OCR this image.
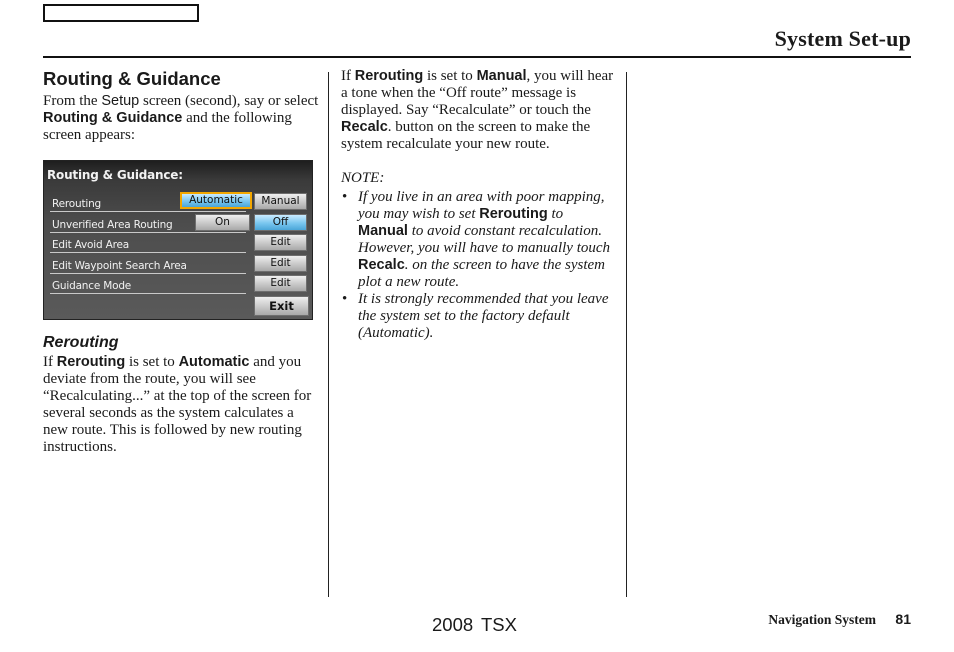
System Set-up
Routing & Guidance

From the Setup screen (second), say or select Routing & Guidance and the following screen appears:

Routing & Guidance:
Rerouting	Automatic	Manual
Unverified Area Routing	On	Off
Edit Avoid Area	Edit
Edit Waypoint Search Area	Edit
Guidance Mode	Edit
Exit
Rerouting

If Rerouting is set to Automatic and you deviate from the route, you will see “Recalculating...” at the top of the screen for several seconds as the system calculates a new route. This is followed by new routing instructions.

If Rerouting is set to Manual, you will hear a tone when the “Off route” message is displayed. Say “Recalculate” or touch the Recalc. button on the screen to make the system recalculate your new route.

NOTE:

• If you live in an area with poor mapping, you may wish to set Rerouting to Manual to avoid constant recalculation. However, you will have to manually touch Recalc. on the screen to have the system plot a new route.
• It is strongly recommended that you leave the system set to the factory default (Automatic).
2008 TSX	Navigation System 81
